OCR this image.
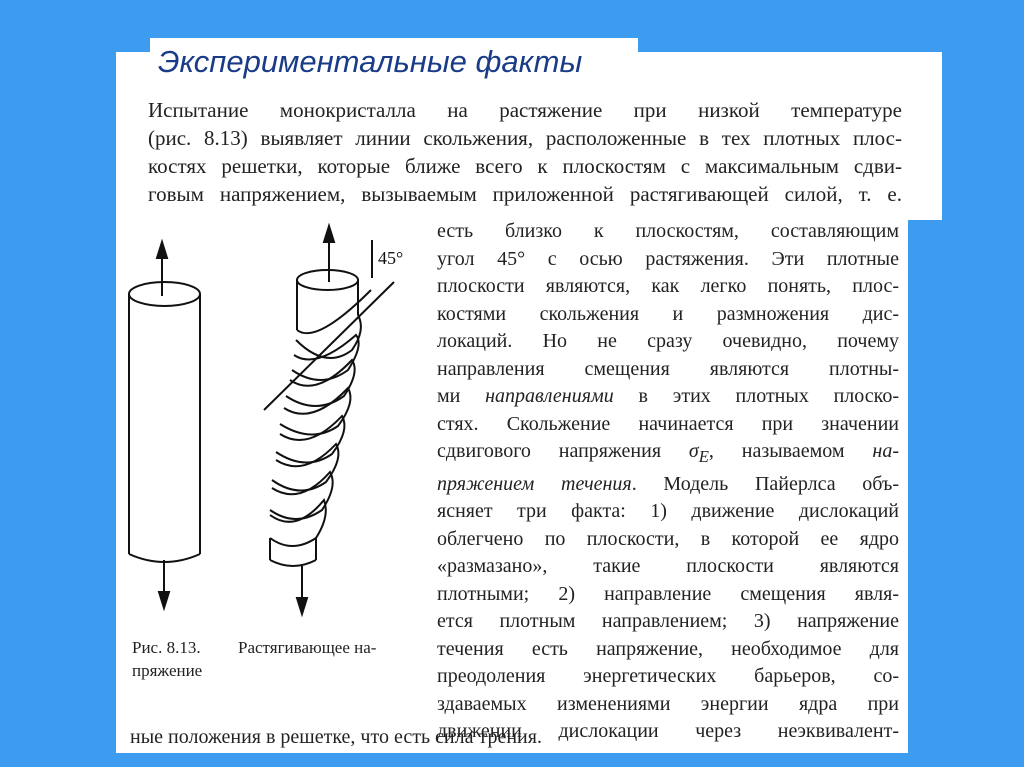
Экспериментальные факты
Испытание монокристалла на растяжение при низкой температуре
(рис. 8.13) выявляет линии скольжения, расположенные в тех плотных плос-
костях решетки, которые ближе всего к плоскостям с максимальным сдви-
говым напряжением, вызываемым приложенной растягивающей силой, т. е.
45°
Рис. 8.13. Растягивающее на-
пряжение
есть близко к плоскостям, составляющим
угол 45° с осью растяжения. Эти плотные
плоскости являются, как легко понять, плос-
костями скольжения и размножения дис-
локаций. Но не сразу очевидно, почему
направления смещения являются плотны-
ми направлениями в этих плотных плоско-
стях. Скольжение начинается при значении
сдвигового напряжения $\sigma_E$, называемом на-
пряжением течения. Модель Пайерлса объ-
ясняет три факта: 1) движение дислокаций
облегчено по плоскости, в которой ее ядро
«размазано», такие плоскости являются
плотными; 2) направление смещения явля-
ется плотным направлением; 3) напряжение
течения есть напряжение, необходимое для
преодоления энергетических барьеров, со-
здаваемых изменениями энергии ядра при
движении дислокации через неэквивалент-
ные положения в решетке, что есть сила трения.
